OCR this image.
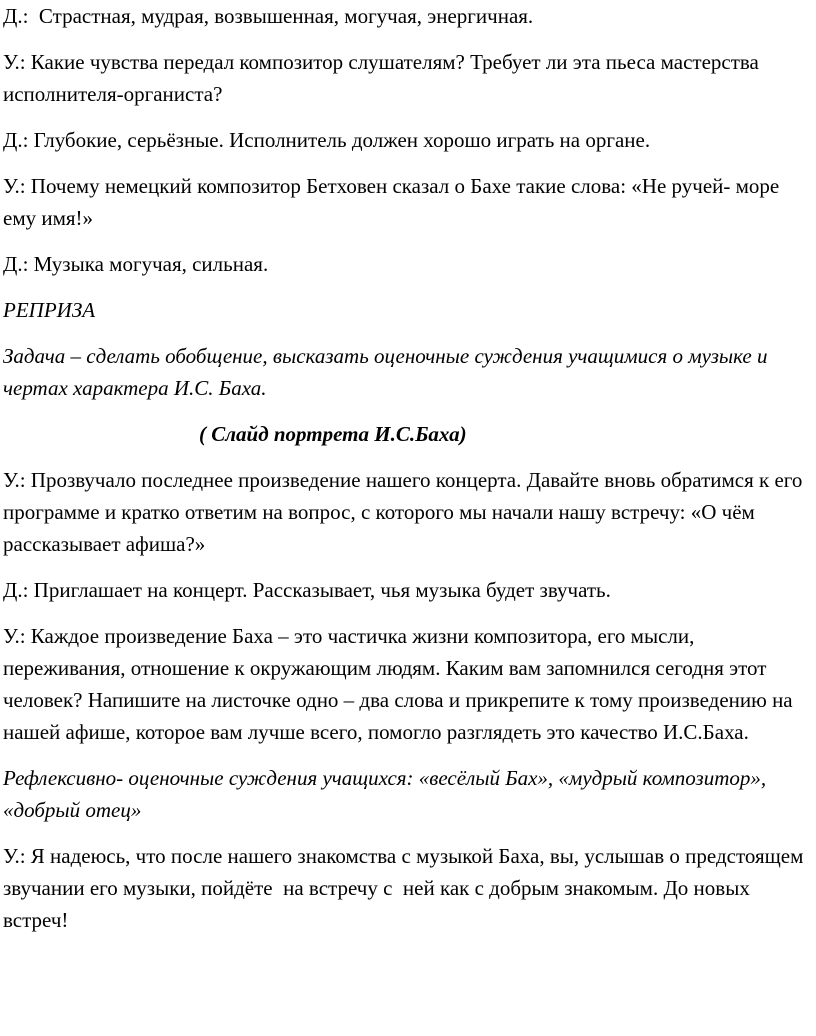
Д.:  Страстная, мудрая, возвышенная, могучая, энергичная.

У.: Какие чувства передал композитор слушателям? Требует ли эта пьеса мастерства исполнителя-органиста?

Д.: Глубокие, серьёзные. Исполнитель должен хорошо играть на органе.

У.: Почему немецкий композитор Бетховен сказал о Бахе такие слова: «Не ручей- море ему имя!»

Д.: Музыка могучая, сильная.

РЕПРИЗА

Задача – сделать обобщение, высказать оценочные суждения учащимися о музыке и чертах характера И.С. Баха.

( Слайд портрета И.С.Баха)

У.: Прозвучало последнее произведение нашего концерта. Давайте вновь обратимся к его программе и кратко ответим на вопрос, с которого мы начали нашу встречу: «О чём рассказывает афиша?»

Д.: Приглашает на концерт. Рассказывает, чья музыка будет звучать.

У.: Каждое произведение Баха – это частичка жизни композитора, его мысли, переживания, отношение к окружающим людям. Каким вам запомнился сегодня этот человек? Напишите на листочке одно – два слова и прикрепите к тому произведению на нашей афише, которое вам лучше всего, помогло разглядеть это качество И.С.Баха.

Рефлексивно- оценочные суждения учащихся: «весёлый Бах», «мудрый композитор», «добрый отец»

У.: Я надеюсь, что после нашего знакомства с музыкой Баха, вы, услышав о предстоящем звучании его музыки, пойдёте  на встречу с  ней как с добрым знакомым. До новых встреч!
